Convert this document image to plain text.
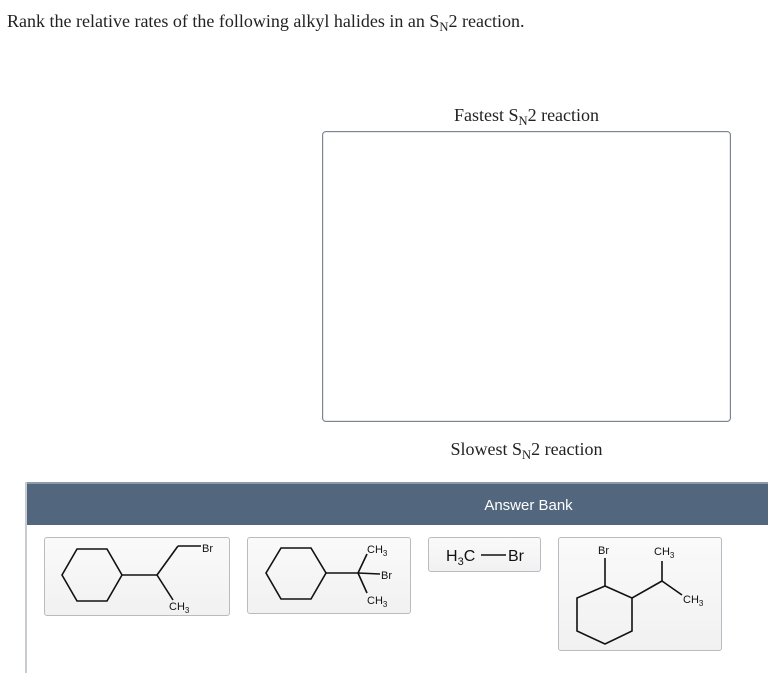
Rank the relative rates of the following alkyl halides in an $S_N2$ reaction.
Fastest $S_N2$ reaction
Slowest $S_N2$ reaction
Answer Bank
Br
$CH_3$
$CH_3$
Br
$CH_3$
$H_3C$ Br	Br	$CH_3$
$CH_3$
